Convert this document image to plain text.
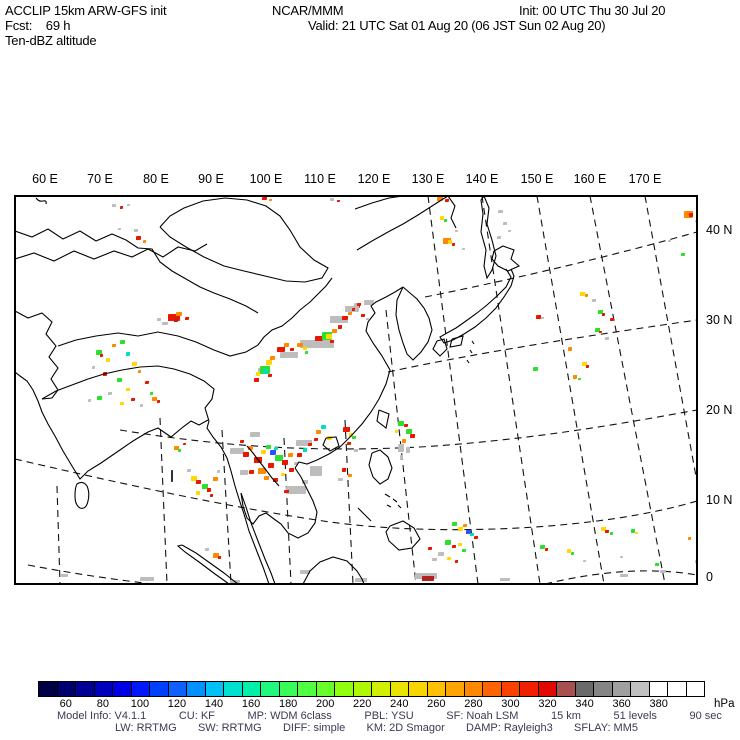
ACCLIP 15km ARW-GFS init	NCAR/MMM	Init: 00 UTC Thu 30 Jul 20
Fcst:    69 h	Valid: 21 UTC Sat 01 Aug 20 (06 JST Sun 02 Aug 20)
Ten-dBZ altitude
60 E 70 E 80 E 90 E 100 E 110 E 120 E 130 E 140 E 150 E 160 E 170 E
40 N
30 N
20 N
10 N
0
60 80 100 120 140 160 180 200 220 240 260 280 300 320 340 360 380	hPa
Model Info: V4.1.1	CU: KF	MP: WDM 6class	PBL: YSU	SF: Noah LSM	15 km	51 levels	90 sec
LW: RRTMG SW: RRTMG DIFF: simple KM: 2D Smagor DAMP: Rayleigh3 SFLAY: MM5
